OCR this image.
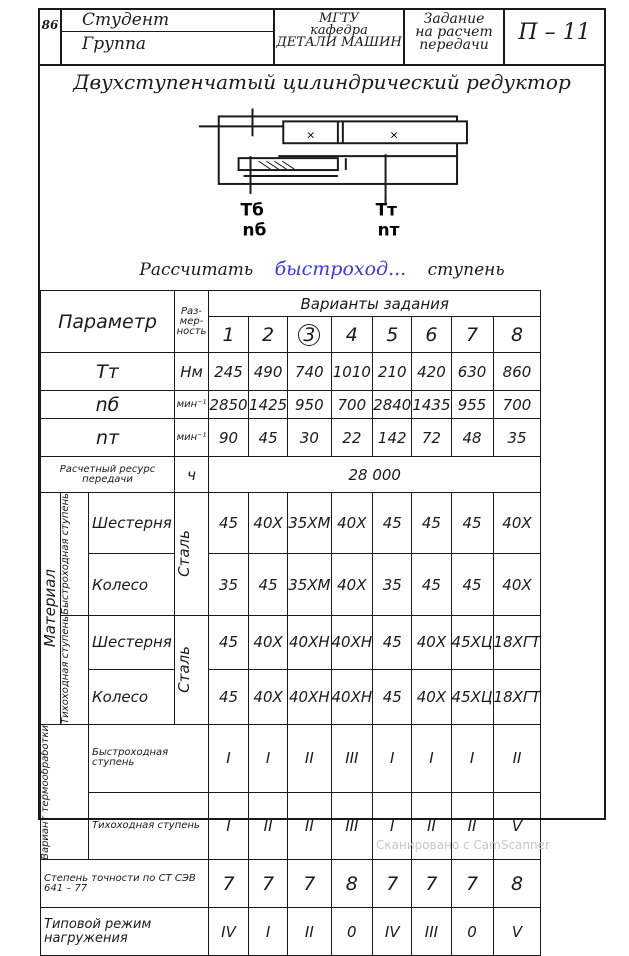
86	Студент
Группа
МГТУ
кафедра
ДЕТАЛИ МАШИН
Задание
на расчет
передачи	П – 11
Двухступенчатый цилиндрический редуктор
×	×
Тб
nб
Тт
nт
Рассчитать быстроход... ступень
Параметр			Раз-мер-ность	Варианты задания							
				1	2	3	4	5	6	7	8
Тт			Нм	245	490	740	1010	210	420	630	860
nб			мин⁻¹	2850	1425	950	700	2840	1435	955	700
nт			мин⁻¹	90	45	30	22	142	72	48	35
Расчетный ресурс передачи			ч	28 000							

Материал	Быстроходная ступень	Шестерня	Сталь	45	40Х	35ХМ	40Х	45	45	45	40Х
		Колесо		35	45	35ХМ	40Х	35	45	45	40Х

	Тихоходная ступень	Шестерня	Сталь	45	40Х	40ХН	40ХН	45	40Х	45ХЦ	18ХГТ
		Колесо		45	40Х	40ХН	40ХН	45	40Х	45ХЦ	18ХГТ

Вариант термообработки		Быстроходная ступень		I	I	II	III	I	I	I	II
		Тихоходная ступень		I	II	II	III	I	II	II	V
Степень точности по СТ СЭВ 641 – 77				7	7	7	8	7	7	7	8
Типовой режим нагружения				IV	I	II	0	IV	III	0	V
Сканировано с CamScanner
